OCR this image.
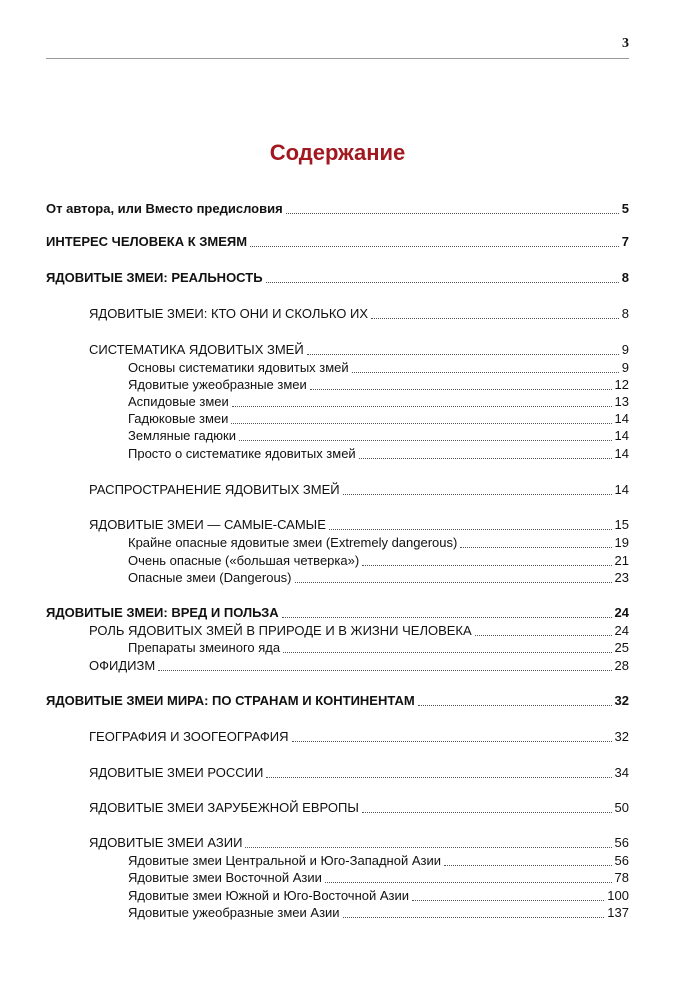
3
Содержание
От автора, или Вместо предисловия	5
ИНТЕРЕС ЧЕЛОВЕКА К ЗМЕЯМ	7
ЯДОВИТЫЕ ЗМЕИ: РЕАЛЬНОСТЬ	8
ЯДОВИТЫЕ ЗМЕИ: КТО ОНИ И СКОЛЬКО ИХ	8
СИСТЕМАТИКА ЯДОВИТЫХ ЗМЕЙ	9
Основы систематики ядовитых змей	9
Ядовитые ужеобразные змеи	12
Аспидовые змеи	13
Гадюковые змеи	14
Земляные гадюки	14
Просто о систематике ядовитых змей	14
РАСПРОСТРАНЕНИЕ ЯДОВИТЫХ ЗМЕЙ	14
ЯДОВИТЫЕ ЗМЕИ — САМЫЕ-САМЫЕ	15
Крайне опасные ядовитые змеи (Extremely dangerous)	19
Очень опасные («большая четверка»)	21
Опасные змеи (Dangerous)	23
ЯДОВИТЫЕ ЗМЕИ: ВРЕД И ПОЛЬЗА	24
РОЛЬ ЯДОВИТЫХ ЗМЕЙ В ПРИРОДЕ И В ЖИЗНИ ЧЕЛОВЕКА	24
Препараты змеиного яда	25
ОФИДИЗМ	28
ЯДОВИТЫЕ ЗМЕИ МИРА: ПО СТРАНАМ И КОНТИНЕНТАМ	32
ГЕОГРАФИЯ И ЗООГЕОГРАФИЯ	32
ЯДОВИТЫЕ ЗМЕИ РОССИИ	34
ЯДОВИТЫЕ ЗМЕИ ЗАРУБЕЖНОЙ ЕВРОПЫ	50
ЯДОВИТЫЕ ЗМЕИ АЗИИ	56
Ядовитые змеи Центральной и Юго-Западной Азии	56
Ядовитые змеи Восточной Азии	78
Ядовитые змеи Южной и Юго-Восточной Азии	100
Ядовитые ужеобразные змеи Азии	137
